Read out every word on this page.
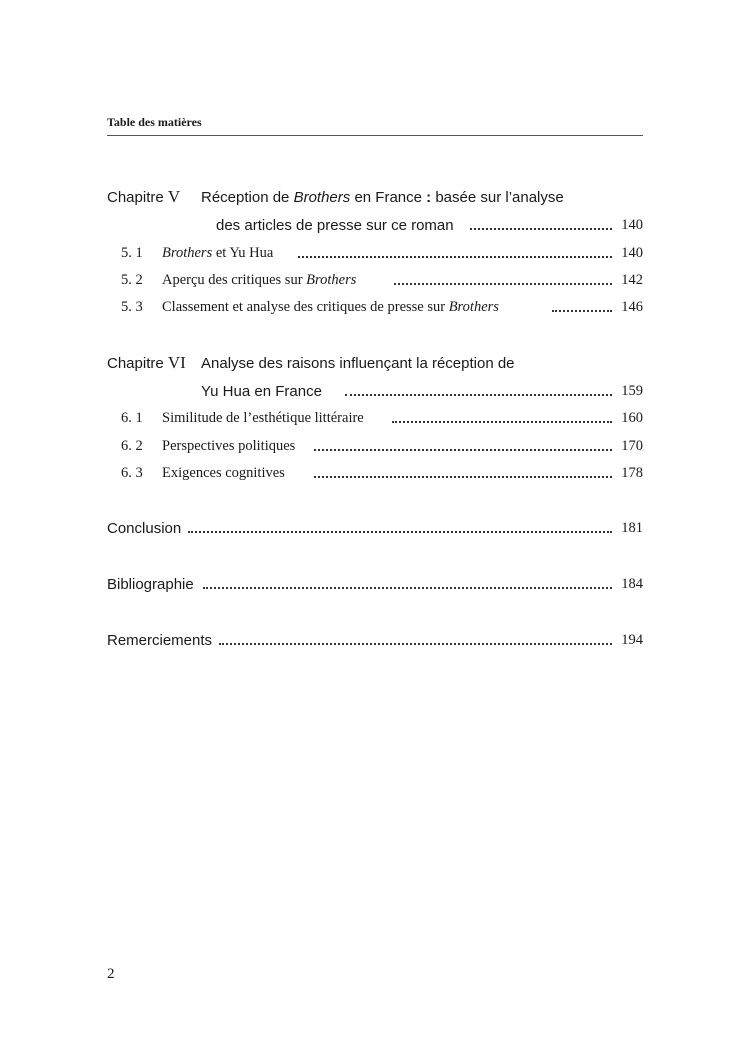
Table des matières
Chapitre V Réception de Brothers en France : basée sur l’analyse
des articles de presse sur ce roman	140
5. 1 Brothers et Yu Hua	140
5. 2 Aperçu des critiques sur Brothers	142
5. 3 Classement et analyse des critiques de presse sur Brothers	146
Chapitre VI Analyse des raisons influençant la réception de
Yu Hua en France	159
6. 1 Similitude de l’esthétique littéraire	160
6. 2 Perspectives politiques	170
6. 3 Exigences cognitives	178
Conclusion	181
Bibliographie	184
Remerciements	194
2
